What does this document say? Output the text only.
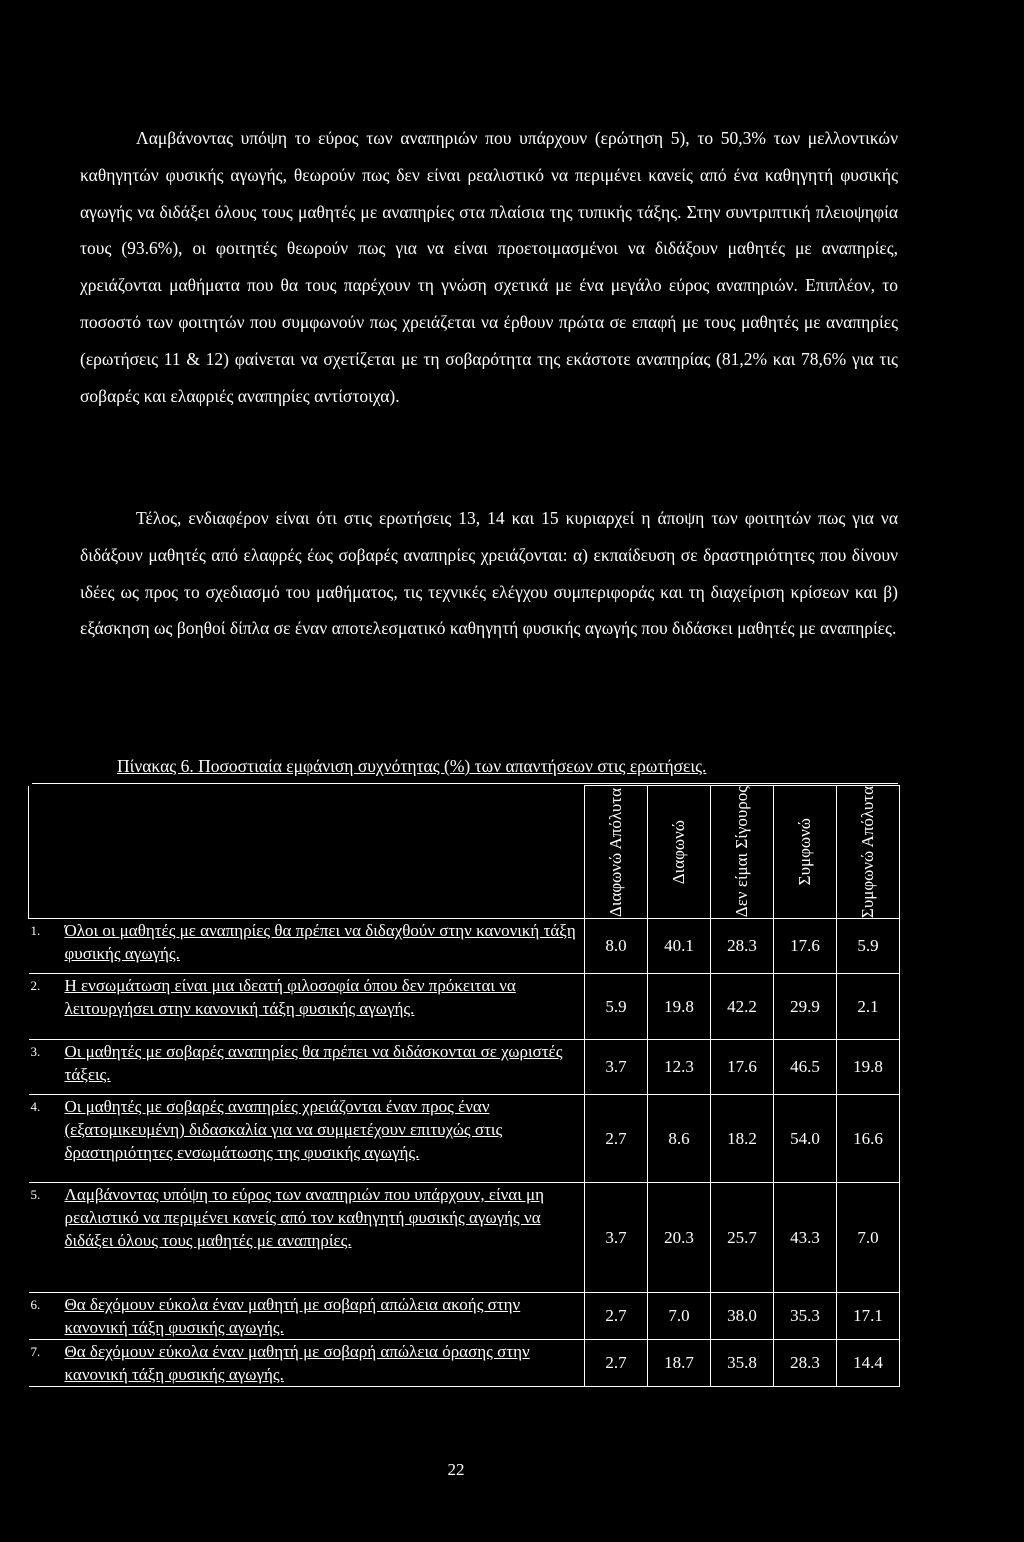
Λαμβάνοντας υπόψη το εύρος των αναπηριών που υπάρχουν (ερώτηση 5), το 50,3% των μελλοντικών καθηγητών φυσικής αγωγής, θεωρούν πως δεν είναι ρεαλιστικό να περιμένει κανείς από ένα καθηγητή φυσικής αγωγής να διδάξει όλους τους μαθητές με αναπηρίες στα πλαίσια της τυπικής τάξης. Στην συντριπτική πλειοψηφία τους (93.6%), οι φοιτητές θεωρούν πως για να είναι προετοιμασμένοι να διδάξουν μαθητές με αναπηρίες, χρειάζονται μαθήματα που θα τους παρέχουν τη γνώση σχετικά με ένα μεγάλο εύρος αναπηριών. Επιπλέον, το ποσοστό των φοιτητών που συμφωνούν πως χρειάζεται να έρθουν πρώτα σε επαφή με τους μαθητές με αναπηρίες (ερωτήσεις 11 & 12) φαίνεται να σχετίζεται με τη σοβαρότητα της εκάστοτε αναπηρίας (81,2% και 78,6% για τις σοβαρές και ελαφριές αναπηρίες αντίστοιχα).

Τέλος, ενδιαφέρον είναι ότι στις ερωτήσεις 13, 14 και 15 κυριαρχεί η άποψη των φοιτητών πως για να διδάξουν μαθητές από ελαφρές έως σοβαρές αναπηρίες χρειάζονται: α) εκπαίδευση σε δραστηριότητες που δίνουν ιδέες ως προς το σχεδιασμό του μαθήματος, τις τεχνικές ελέγχου συμπεριφοράς και τη διαχείριση κρίσεων και β) εξάσκηση ως βοηθοί δίπλα σε έναν αποτελεσματικό καθηγητή φυσικής αγωγής που διδάσκει μαθητές με αναπηρίες.

Πίνακας 6. Ποσοστιαία εμφάνιση συχνότητας (%) των απαντήσεων στις ερωτήσεις.

	Διαφωνώ Απόλυτα	Διαφωνώ	Δεν είμαι Σίγουρος	Συμφωνώ	Συμφωνώ Απόλυτα

1. Όλοι οι μαθητές με αναπηρίες θα πρέπει να διδαχθούν στην κανονική τάξη φυσικής αγωγής.	8.0	40.1	28.3	17.6	5.9

2. Η ενσωμάτωση είναι μια ιδεατή φιλοσοφία όπου δεν πρόκειται να λειτουργήσει στην κανονική τάξη φυσικής αγωγής.	5.9	19.8	42.2	29.9	2.1

3. Οι μαθητές με σοβαρές αναπηρίες θα πρέπει να διδάσκονται σε χωριστές τάξεις.	3.7	12.3	17.6	46.5	19.8

4. Οι μαθητές με σοβαρές αναπηρίες χρειάζονται έναν προς έναν (εξατομικευμένη) διδασκαλία για να συμμετέχουν επιτυχώς στις δραστηριότητες ενσωμάτωσης της φυσικής αγωγής.	2.7	8.6	18.2	54.0	16.6

5. Λαμβάνοντας υπόψη το εύρος των αναπηριών που υπάρχουν, είναι μη ρεαλιστικό να περιμένει κανείς από τον καθηγητή φυσικής αγωγής να διδάξει όλους τους μαθητές με αναπηρίες.	3.7	20.3	25.7	43.3	7.0

6. Θα δεχόμουν εύκολα έναν μαθητή με σοβαρή απώλεια ακοής στην κανονική τάξη φυσικής αγωγής.	2.7	7.0	38.0	35.3	17.1

7. Θα δεχόμουν εύκολα έναν μαθητή με σοβαρή απώλεια όρασης στην κανονική τάξη φυσικής αγωγής.	2.7	18.7	35.8	28.3	14.4
22
